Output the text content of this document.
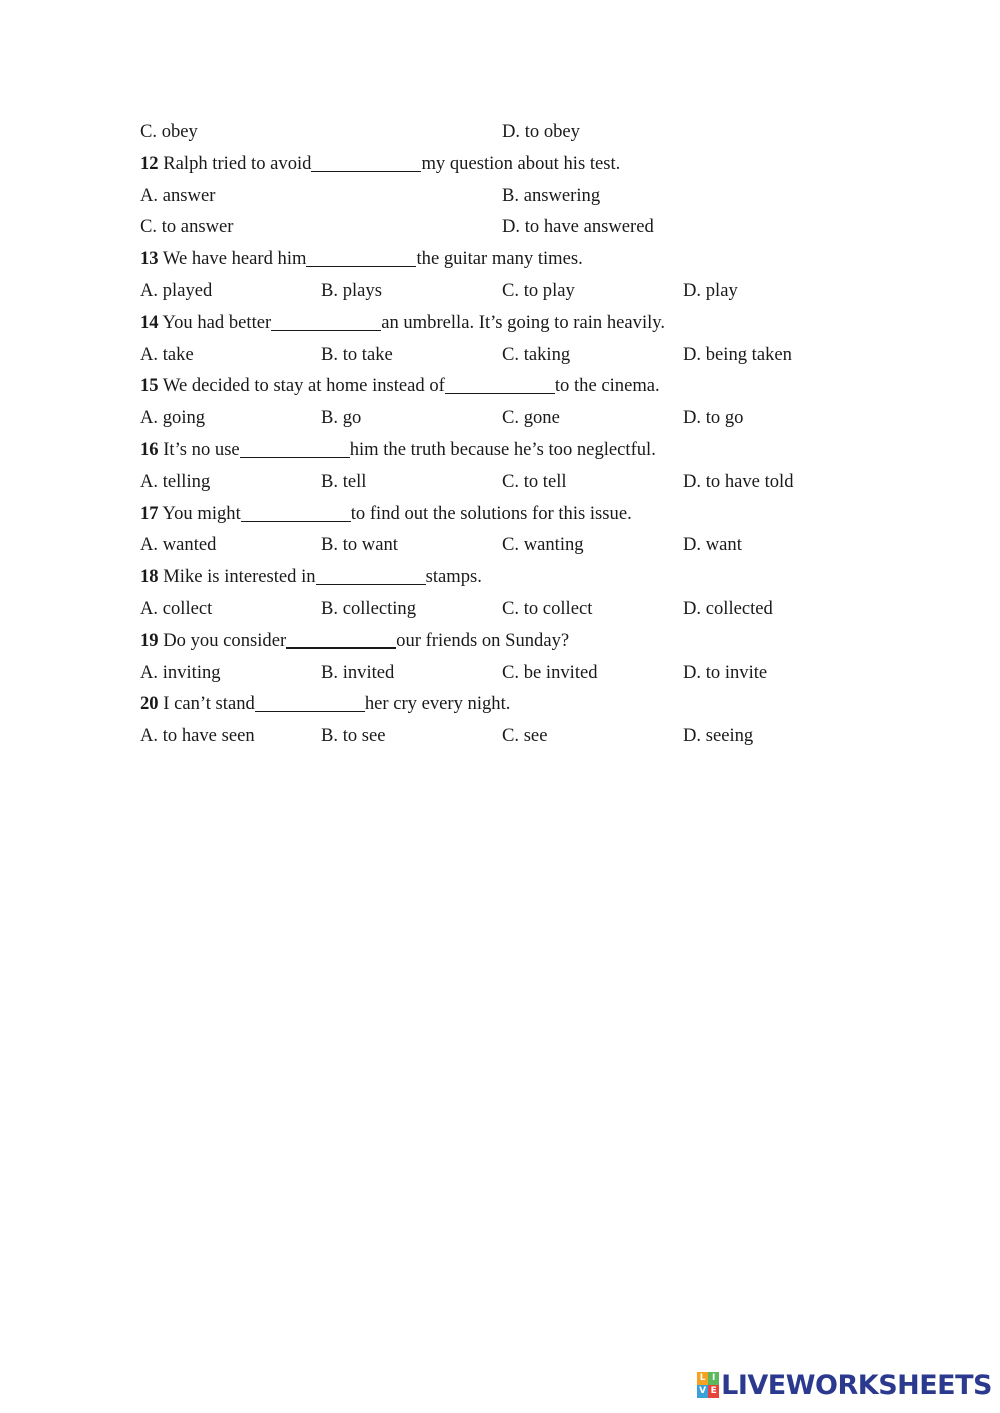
C. obey	D. to obey
12 Ralph tried to avoid	my question about his test.
A. answer	B. answering
C. to answer	D. to have answered
13 We have heard him	the guitar many times.
A. played	B. plays	C. to play	D. play
14 You had better	an umbrella. It’s going to rain heavily.
A. take	B. to take	C. taking	D. being taken
15 We decided to stay at home instead of	to the cinema.
A. going	B. go	C. gone	D. to go
16 It’s no use	him the truth because he’s too neglectful.
A. telling	B. tell	C. to tell	D. to have told
17 You might	to find out the solutions for this issue.
A. wanted	B. to want	C. wanting	D. want
18 Mike is interested in	stamps.
A. collect	B. collecting	C. to collect	D. collected
19 Do you consider	our friends on Sunday?
A. inviting	B. invited	C. be invited	D. to invite
20 I can’t stand	her cry every night.
A. to have seen	B. to see	C. see	D. seeing
L I
V E LIVEWORKSHEETS
